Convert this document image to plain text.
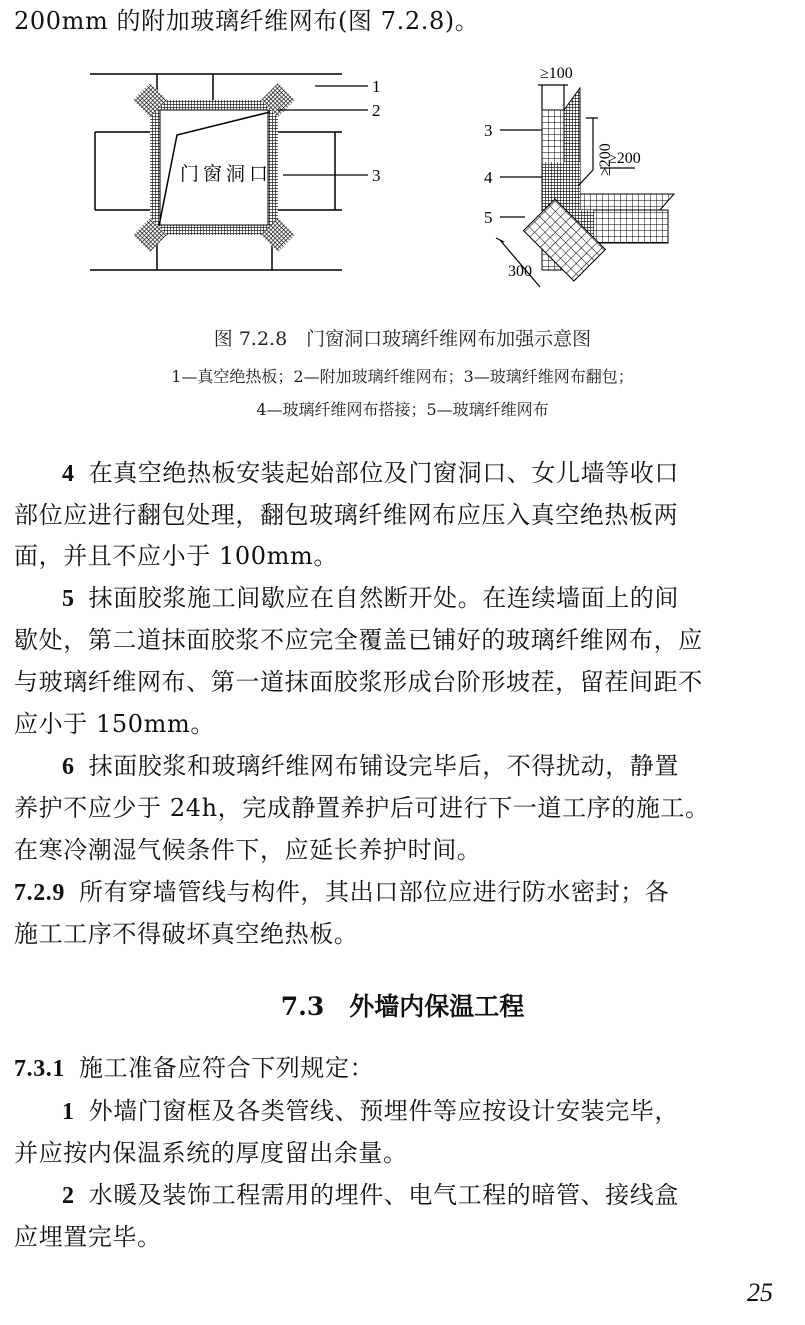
200mm 的附加玻璃纤维网布(图 7.2.8)。
门窗洞口
1
2
3
3
4
5
≥100
≥200
≥200
300
图 7.2.8　门窗洞口玻璃纤维网布加强示意图
1—真空绝热板；2—附加玻璃纤维网布；3—玻璃纤维网布翻包；
4—玻璃纤维网布搭接；5—玻璃纤维网布
7.3　外墙内保温工程
25
4 在真空绝热板安装起始部位及门窗洞口、女儿墙等收口
部位应进行翻包处理，翻包玻璃纤维网布应压入真空绝热板两
面，并且不应小于 100mm。
5 抹面胶浆施工间歇应在自然断开处。在连续墙面上的间
歇处，第二道抹面胶浆不应完全覆盖已铺好的玻璃纤维网布，应
与玻璃纤维网布、第一道抹面胶浆形成台阶形坡茬，留茬间距不
应小于 150mm。
6 抹面胶浆和玻璃纤维网布铺设完毕后，不得扰动，静置
养护不应少于 24h，完成静置养护后可进行下一道工序的施工。
在寒冷潮湿气候条件下，应延长养护时间。
7.2.9 所有穿墙管线与构件，其出口部位应进行防水密封；各
施工工序不得破坏真空绝热板。
7.3.1 施工准备应符合下列规定：
1 外墙门窗框及各类管线、预埋件等应按设计安装完毕，
并应按内保温系统的厚度留出余量。
2 水暖及装饰工程需用的埋件、电气工程的暗管、接线盒
应埋置完毕。
